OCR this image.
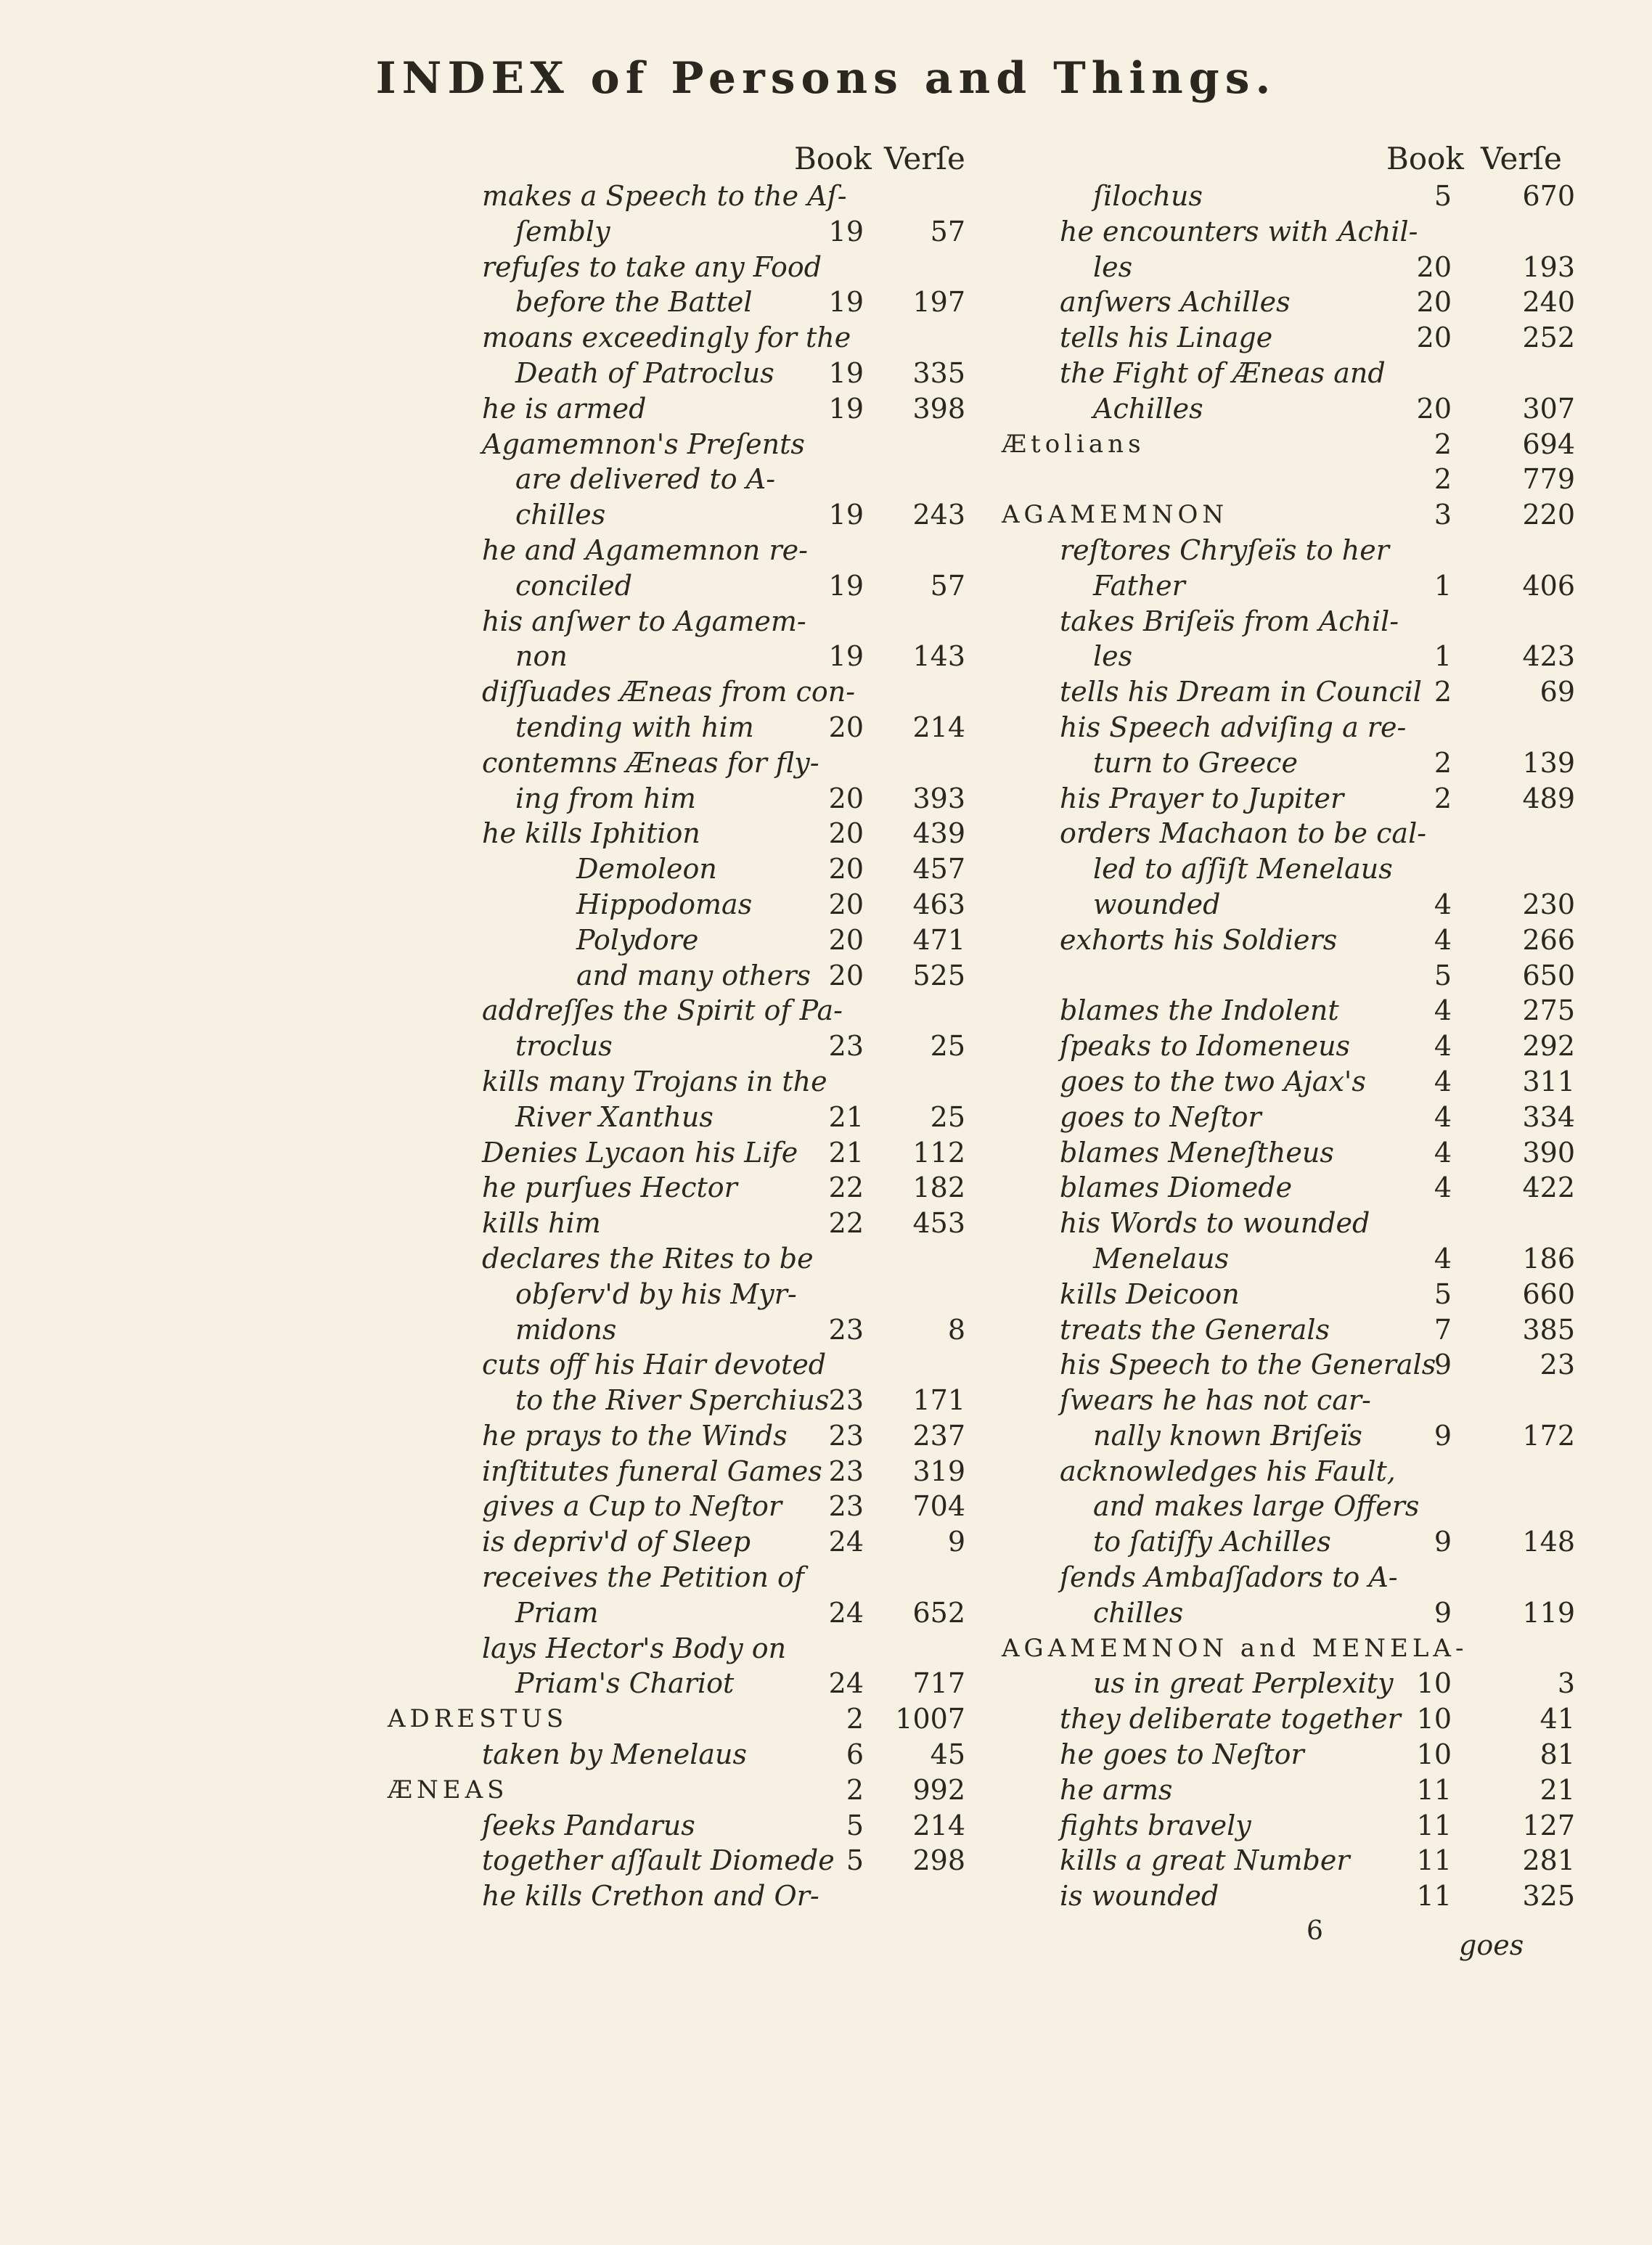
INDEX of Persons and Things.
Book Verſe
makes a Speech to the Aſ-
ſembly	19	57
refuſes to take any Food
before the Battel	19	197
moans exceedingly for the
Death of Patroclus	19	335
he is armed	19	398
Agamemnon's Preſents
are delivered to A-
chilles	19	243
he and Agamemnon re-
conciled	19	57
his anſwer to Agamem-
non	19	143
diſſuades Æneas from con-
tending with him	20	214
contemns Æneas for fly-
ing from him	20	393
he kills Iphition	20	439
Demoleon	20	457
Hippodomas	20	463
Polydore	20	471
and many others 20	525
addreſſes the Spirit of Pa-
troclus	23	25
kills many Trojans in the
River Xanthus	21	25
Denies Lycaon his Life	21	112
he purſues Hector	22	182
kills him	22	453
declares the Rites to be
obſerv'd by his Myr-
midons	23	8
cuts off his Hair devoted
to the River Sperchius 23	171
he prays to the Winds	23	237
inſtitutes funeral Games 23	319
gives a Cup to Neſtor	23	704
is depriv'd of Sleep	24	9
receives the Petition of
Priam	24	652
lays Hector's Body on
Priam's Chariot	24	717
ADRESTUS	2	1007
taken by Menelaus	6	45
ÆNEAS	2	992
ſeeks Pandarus	5	214
together aſſault Diomede 5	298
he kills Crethon and Or-
Book Verſe
ſilochus	5	670
he encounters with Achil-
les	20	193
anſwers Achilles	20	240
tells his Linage	20	252
the Fight of Æneas and
Achilles	20	307
Ætolians	2	694
2	779
AGAMEMNON	3	220
reſtores Chryſeïs to her
Father	1	406
takes Briſeïs from Achil-
les	1	423
tells his Dream in Council 2	69
his Speech adviſing a re-
turn to Greece	2	139
his Prayer to Jupiter	2	489
orders Machaon to be cal-
led to aſſiſt Menelaus
wounded	4	230
exhorts his Soldiers	4	266
5	650
blames the Indolent	4	275
ſpeaks to Idomeneus	4	292
goes to the two Ajax's	4	311
goes to Neſtor	4	334
blames Meneſtheus	4	390
blames Diomede	4	422
his Words to wounded
Menelaus	4	186
kills Deicoon	5	660
treats the Generals	7	385
his Speech to the Generals
9	23
ſwears he has not car-
nally known Briſeïs	9	172
acknowledges his Fault,
and makes large Offers
to ſatiſfy Achilles	9	148
ſends Ambaſſadors to A-
chilles	9	119
AGAMEMNON and MENELA-
us in great Perplexity 10	3
they deliberate together 10	41
he goes to Neſtor	10	81
he arms	11	21
fights bravely	11	127
kills a great Number	11	281
is wounded	11	325
6	goes
